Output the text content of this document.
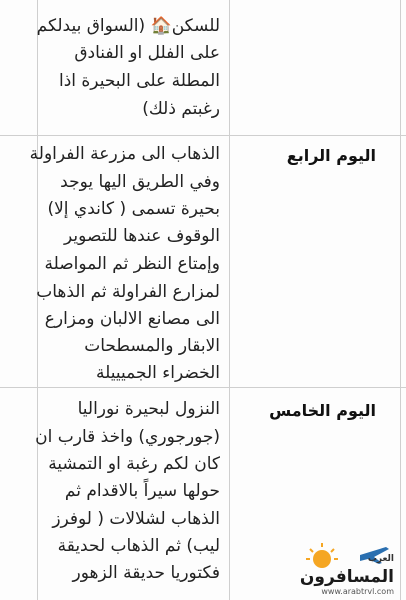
للسكن🏠 (السواق بيدلكم
على الفلل او الفنادق
المطلة على البحيرة اذا
رغبتم ذلك)
اليوم الرابع
الذهاب الى مزرعة الفراولة
وفي الطريق اليها يوجد
بحيرة تسمى ( كاندي إلا)
الوقوف عندها للتصوير
وإمتاع النظر ثم المواصلة
لمزارع الفراولة ثم الذهاب
الى مصانع الالبان ومزارع
الابقار والمسطحات
الخضراء الجميييلة
اليوم الخامس
النزول لبحيرة نوراليا
(جورجوري) واخذ قارب ان
كان لكم رغبة او التمشية
حولها سيراً بالاقدام ثم
الذهاب لشلالات ( لوفرز
ليب) ثم الذهاب لحديقة
فكتوريا حديقة الزهور
العرب
المسافرون
www.arabtrvl.com
